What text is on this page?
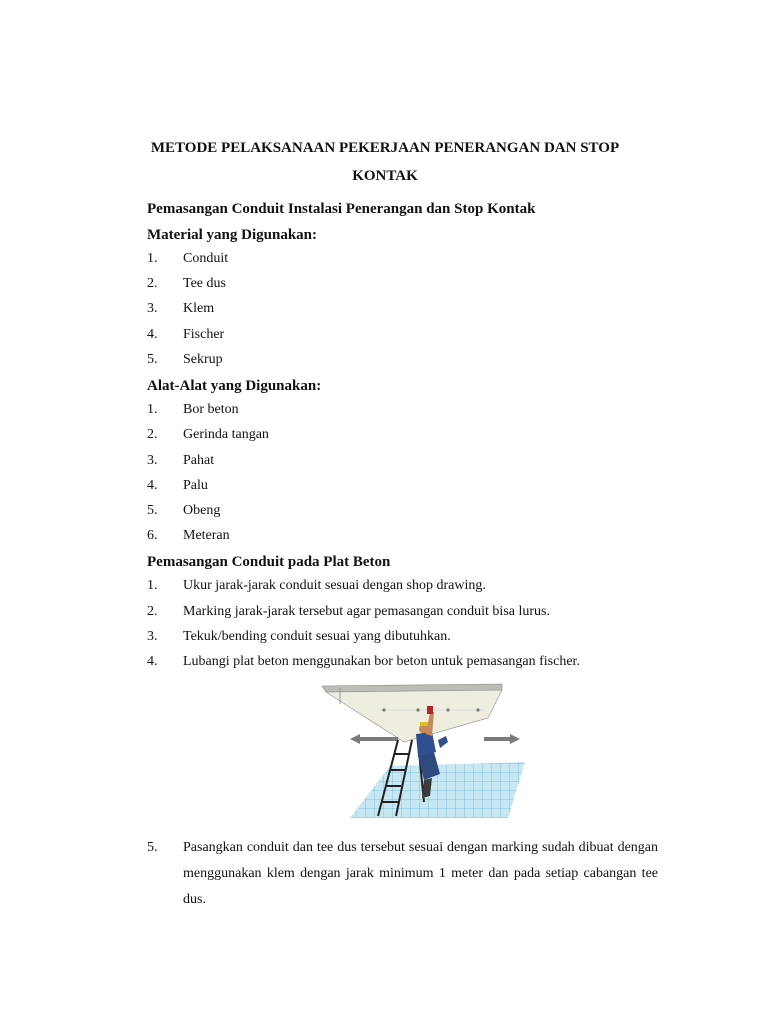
METODE PELAKSANAAN PEKERJAAN PENERANGAN DAN STOP KONTAK
Pemasangan Conduit Instalasi Penerangan dan Stop Kontak
Material yang Digunakan:
1. Conduit
2. Tee dus
3. Klem
4. Fischer
5. Sekrup
Alat-Alat yang Digunakan:
1. Bor beton
2. Gerinda tangan
3. Pahat
4. Palu
5. Obeng
6. Meteran
Pemasangan Conduit pada Plat Beton
1. Ukur jarak-jarak conduit sesuai dengan shop drawing.
2. Marking jarak-jarak tersebut agar pemasangan conduit bisa lurus.
3. Tekuk/bending conduit sesuai yang dibutuhkan.
4. Lubangi plat beton menggunakan bor beton untuk pemasangan fischer.
5. Pasangkan conduit dan tee dus tersebut sesuai dengan marking sudah dibuat dengan menggunakan klem dengan jarak minimum 1 meter dan pada setiap cabangan tee dus.
